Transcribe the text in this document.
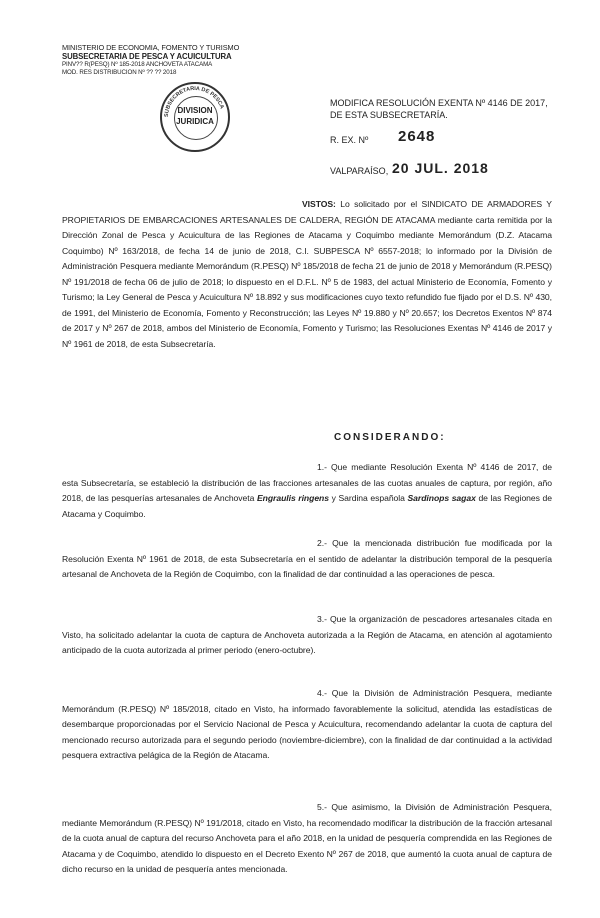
MINISTERIO DE ECONOMIA, FOMENTO Y TURISMO
SUBSECRETARIA DE PESCA Y ACUICULTURA
PINV?? R(PESQ) Nº 185-2018 ANCHOVETA ATACAMA
MOD. RES DISTRIBUCION Nº ?? ?? 2018
SUBSECRETARIA DE PESCA
DIVISION
JURIDICA
MODIFICA RESOLUCIÓN EXENTA Nº 4146 DE 2017,
DE ESTA SUBSECRETARÍA.
R. EX. Nº 2648
VALPARAÍSO, 20 JUL. 2018
VISTOS: Lo solicitado por el SINDICATO DE ARMADORES Y PROPIETARIOS DE EMBARCACIONES ARTESANALES DE CALDERA, REGIÓN DE ATACAMA mediante carta remitida por la Dirección Zonal de Pesca y Acuicultura de las Regiones de Atacama y Coquimbo mediante Memorándum (D.Z. Atacama Coquimbo) Nº 163/2018, de fecha 14 de junio de 2018, C.I. SUBPESCA Nº 6557-2018; lo informado por la División de Administración Pesquera mediante Memorándum (R.PESQ) Nº 185/2018 de fecha 21 de junio de 2018 y Memorándum (R.PESQ) Nº 191/2018 de fecha 06 de julio de 2018; lo dispuesto en el D.F.L. Nº 5 de 1983, del actual Ministerio de Economía, Fomento y Turismo; la Ley General de Pesca y Acuicultura Nº 18.892 y sus modificaciones cuyo texto refundido fue fijado por el D.S. Nº 430, de 1991, del Ministerio de Economía, Fomento y Reconstrucción; las Leyes Nº 19.880 y Nº 20.657; los Decretos Exentos Nº 874 de 2017 y Nº 267 de 2018, ambos del Ministerio de Economía, Fomento y Turismo; las Resoluciones Exentas Nº 4146 de 2017 y Nº 1961 de 2018, de esta Subsecretaría.
CONSIDERANDO:
1.- Que mediante Resolución Exenta Nº 4146 de 2017, de esta Subsecretaría, se estableció la distribución de las fracciones artesanales de las cuotas anuales de captura, por región, año 2018, de las pesquerías artesanales de Anchoveta Engraulis ringens y Sardina española Sardinops sagax de las Regiones de Atacama y Coquimbo.
2.- Que la mencionada distribución fue modificada por la Resolución Exenta Nº 1961 de 2018, de esta Subsecretaría en el sentido de adelantar la distribución temporal de la pesquería artesanal de Anchoveta de la Región de Coquimbo, con la finalidad de dar continuidad a las operaciones de pesca.
3.- Que la organización de pescadores artesanales citada en Visto, ha solicitado adelantar la cuota de captura de Anchoveta autorizada a la Región de Atacama, en atención al agotamiento anticipado de la cuota autorizada al primer periodo (enero-octubre).
4.- Que la División de Administración Pesquera, mediante Memorándum (R.PESQ) Nº 185/2018, citado en Visto, ha informado favorablemente la solicitud, atendida las estadísticas de desembarque proporcionadas por el Servicio Nacional de Pesca y Acuicultura, recomendando adelantar la cuota de captura del mencionado recurso autorizada para el segundo periodo (noviembre-diciembre), con la finalidad de dar continuidad a la actividad pesquera extractiva pelágica de la Región de Atacama.
5.- Que asimismo, la División de Administración Pesquera, mediante Memorándum (R.PESQ) Nº 191/2018, citado en Visto, ha recomendado modificar la distribución de la fracción artesanal de la cuota anual de captura del recurso Anchoveta para el año 2018, en la unidad de pesquería comprendida en las Regiones de Atacama y de Coquimbo, atendido lo dispuesto en el Decreto Exento Nº 267 de 2018, que aumentó la cuota anual de captura de dicho recurso en la unidad de pesquería antes mencionada.
